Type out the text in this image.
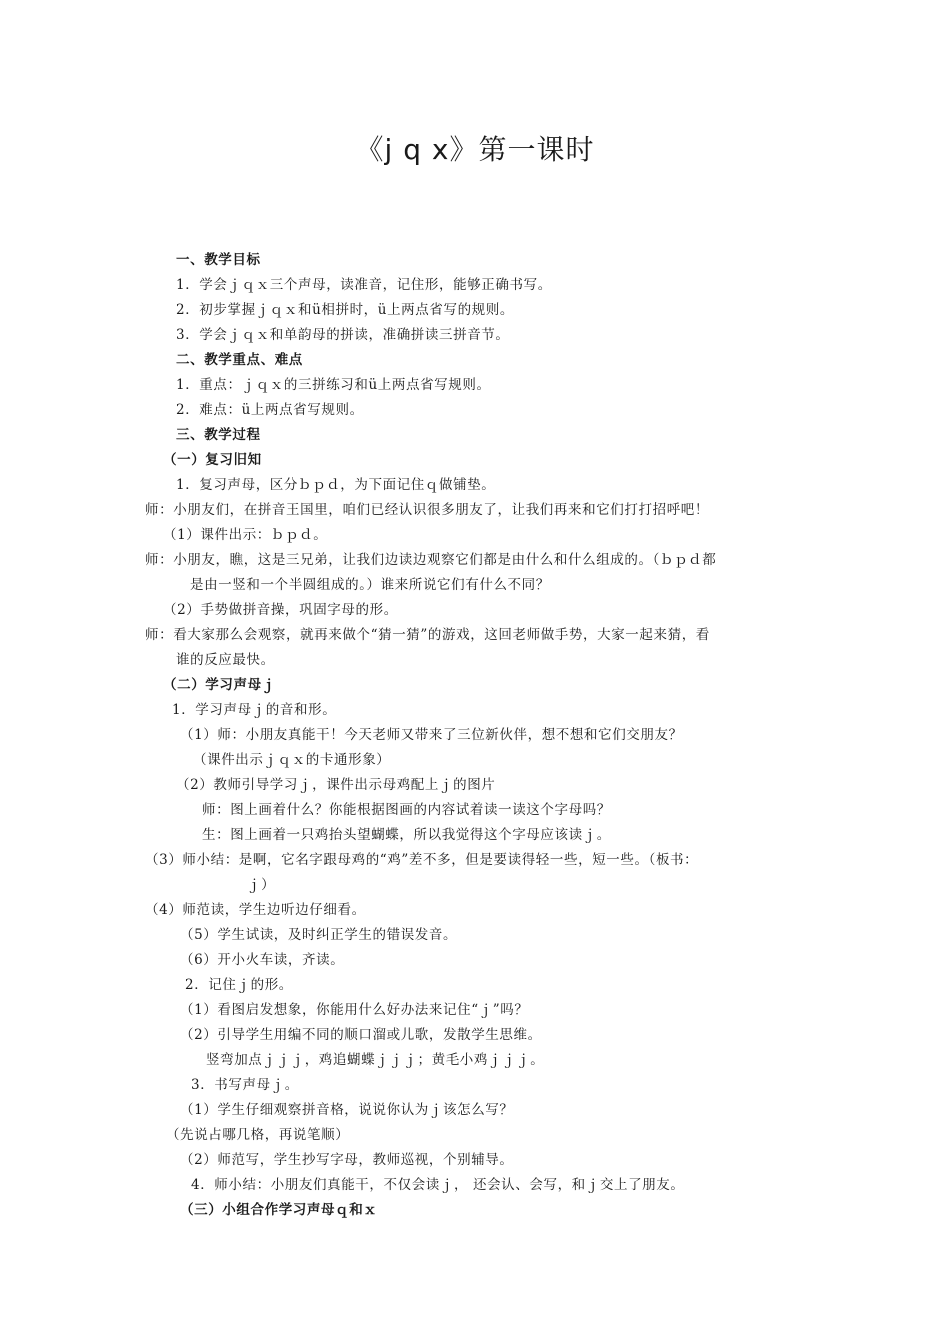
《j q x》第一课时
一、教学目标
1．学会ｊｑｘ三个声母，读准音，记住形，能够正确书写。
2．初步掌握ｊｑｘ和ü相拼时，ü上两点省写的规则。
3．学会ｊｑｘ和单韵母的拼读，准确拼读三拼音节。
二、教学重点、难点
1．重点：ｊｑｘ的三拼练习和ü上两点省写规则。
2．难点：ü上两点省写规则。
三、教学过程
（一）复习旧知
1．复习声母，区分ｂｐｄ，为下面记住ｑ做铺垫。
师：小朋友们，在拼音王国里，咱们已经认识很多朋友了，让我们再来和它们打打招呼吧！
（1）课件出示：ｂｐｄ。
师：小朋友，瞧，这是三兄弟，让我们边读边观察它们都是由什么和什么组成的。（ｂｐｄ都
是由一竖和一个半圆组成的。）谁来所说它们有什么不同？
（2）手势做拼音操，巩固字母的形。
师：看大家那么会观察，就再来做个“猜一猜”的游戏，这回老师做手势，大家一起来猜，看
谁的反应最快。
（二）学习声母ｊ
1．学习声母ｊ的音和形。
（1）师：小朋友真能干！今天老师又带来了三位新伙伴，想不想和它们交朋友？
（课件出示ｊｑｘ的卡通形象）
（2）教师引导学习ｊ，课件出示母鸡配上ｊ的图片
师：图上画着什么？你能根据图画的内容试着读一读这个字母吗？
生：图上画着一只鸡抬头望蝴蝶，所以我觉得这个字母应该读ｊ。
（3）师小结：是啊，它名字跟母鸡的“鸡”差不多，但是要读得轻一些，短一些。（板书：
ｊ）
（4）师范读，学生边听边仔细看。
（5）学生试读，及时纠正学生的错误发音。
（6）开小火车读，齐读。
2．记住ｊ的形。
（1）看图启发想象，你能用什么好办法来记住“ｊ”吗？
（2）引导学生用编不同的顺口溜或儿歌，发散学生思维。
竖弯加点ｊｊｊ，鸡追蝴蝶ｊｊｊ；黄毛小鸡ｊｊｊ。
3．书写声母ｊ。
（1）学生仔细观察拼音格，说说你认为ｊ该怎么写？
（先说占哪几格，再说笔顺）
（2）师范写，学生抄写字母，教师巡视，个别辅导。
4．师小结：小朋友们真能干，不仅会读ｊ， 还会认、会写，和ｊ交上了朋友。
（三）小组合作学习声母ｑ和ｘ
